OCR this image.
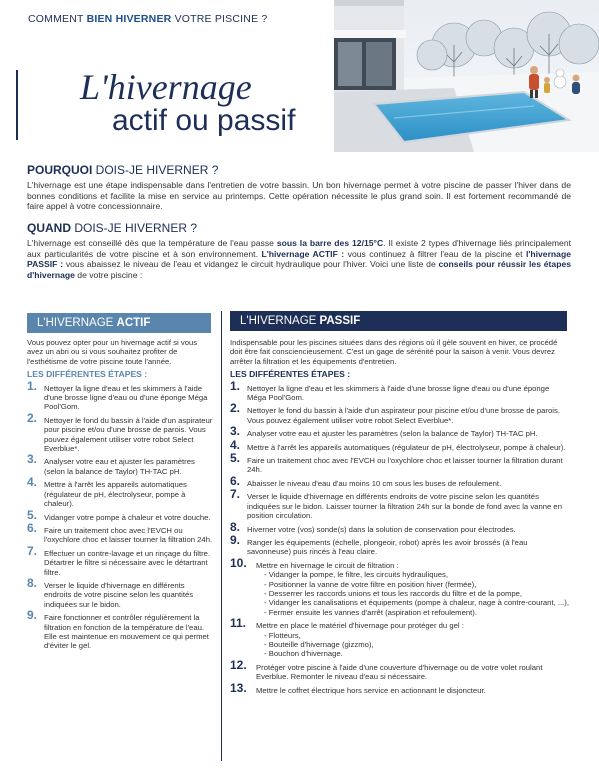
COMMENT BIEN HIVERNER VOTRE PISCINE ?
L'hivernage
actif ou passif
POURQUOI DOIS-JE HIVERNER ?
L'hivernage est une étape indispensable dans l'entretien de votre bassin. Un bon hivernage permet à votre piscine de passer l'hiver dans de bonnes conditions et facilite la mise en service au printemps. Cette opération nécessite le plus grand soin. Il est fortement recommandé de faire appel à votre concessionnaire.
QUAND DOIS-JE HIVERNER ?
L'hivernage est conseillé dès que la température de l'eau passe sous la barre des 12/15°C. Il existe 2 types d'hivernage liés principalement aux particularités de votre piscine et à son environnement. L'hivernage ACTIF : vous continuez à filtrer l'eau de la piscine et l'hivernage PASSIF : vous abaissez le niveau de l'eau et vidangez le circuit hydraulique pour l'hiver. Voici une liste de conseils pour réussir les étapes d'hivernage de votre piscine :
L'HIVERNAGE ACTIF	L'HIVERNAGE PASSIF
Vous pouvez opter pour un hivernage actif si vous avez un abri ou si vous souhaitez profiter de l'esthétisme de votre piscine toute l'année.
LES DIFFÉRENTES ÉTAPES :
1. Nettoyer la ligne d'eau et les skimmers à l'aide d'une brosse ligne d'eau ou d'une éponge Méga Pool'Gom.
2. Nettoyer le fond du bassin à l'aide d'un aspirateur pour piscine et/ou d'une brosse de parois. Vous pouvez également utiliser votre robot Select Everblue*.
3. Analyser votre eau et ajuster les paramètres (selon la balance de Taylor) TH-TAC pH.
4. Mettre à l'arrêt les appareils automatiques (régulateur de pH, électrolyseur, pompe à chaleur).
5. Vidanger votre pompe à chaleur et votre douche.
6. Faire un traitement choc avec l'EVCH ou l'oxychlore choc et laisser tourner la filtration 24h.
7. Effectuer un contre-lavage et un rinçage du filtre. Détartrer le filtre si nécessaire avec le détartrant filtre.
8. Verser le liquide d'hivernage en différents endroits de votre piscine selon les quantités indiquées sur le bidon.
9. Faire fonctionner et contrôler régulièrement la filtration en fonction de la température de l'eau. Elle est maintenue en mouvement ce qui permet d'éviter le gel.
Indispensable pour les piscines situées dans des régions où il gèle souvent en hiver, ce procédé doit être fait consciencieusement. C'est un gage de sérénité pour la saison à venir. Vous devrez arrêter la filtration et les équipements d'entretien.
LES DIFFÉRENTES ÉTAPES :
1. Nettoyer la ligne d'eau et les skimmers à l'aide d'une brosse ligne d'eau ou d'une éponge Méga Pool'Gom.
2. Nettoyer le fond du bassin à l'aide d'un aspirateur pour piscine et/ou d'une brosse de parois. Vous pouvez également utiliser votre robot Select Everblue*.
3. Analyser votre eau et ajuster les paramètres (selon la balance de Taylor) TH-TAC pH.
4. Mettre à l'arrêt les appareils automatiques (régulateur de pH, électrolyseur, pompe à chaleur).
5. Faire un traitement choc avec l'EVCH ou l'oxychlore choc et laisser tourner la filtration durant 24h.
6. Abaisser le niveau d'eau d'au moins 10 cm sous les buses de refoulement.
7. Verser le liquide d'hivernage en différents endroits de votre piscine selon les quantités indiquées sur le bidon. Laisser tourner la filtration 24h sur la bonde de fond avec la vanne en position circulation.
8. Hiverner votre (vos) sonde(s) dans la solution de conservation pour électrodes.
9. Ranger les équipements (échelle, plongeoir, robot) après les avoir brossés (à l'eau savonneuse) puis rincés à l'eau claire.
10. Mettre en hivernage le circuit de filtration :
- Vidanger la pompe, le filtre, les circuits hydrauliques,
- Positionner la vanne de votre filtre en position hiver (fermée),
- Desserrer les raccords unions et tous les raccords du filtre et de la pompe,
- Vidanger les canalisations et équipements (pompe à chaleur, nage à contre-courant, ...),
- Fermer ensuite les vannes d'arrêt (aspiration et refoulement).
11. Mettre en place le matériel d'hivernage pour protéger du gel :
- Flotteurs,
- Bouteille d'hivernage (gizzmo),
- Bouchon d'hivernage.
12. Protéger votre piscine à l'aide d'une couverture d'hivernage ou de votre volet roulant Everblue. Remonter le niveau d'eau si nécessaire.
13. Mettre le coffret électrique hors service en actionnant le disjoncteur.
